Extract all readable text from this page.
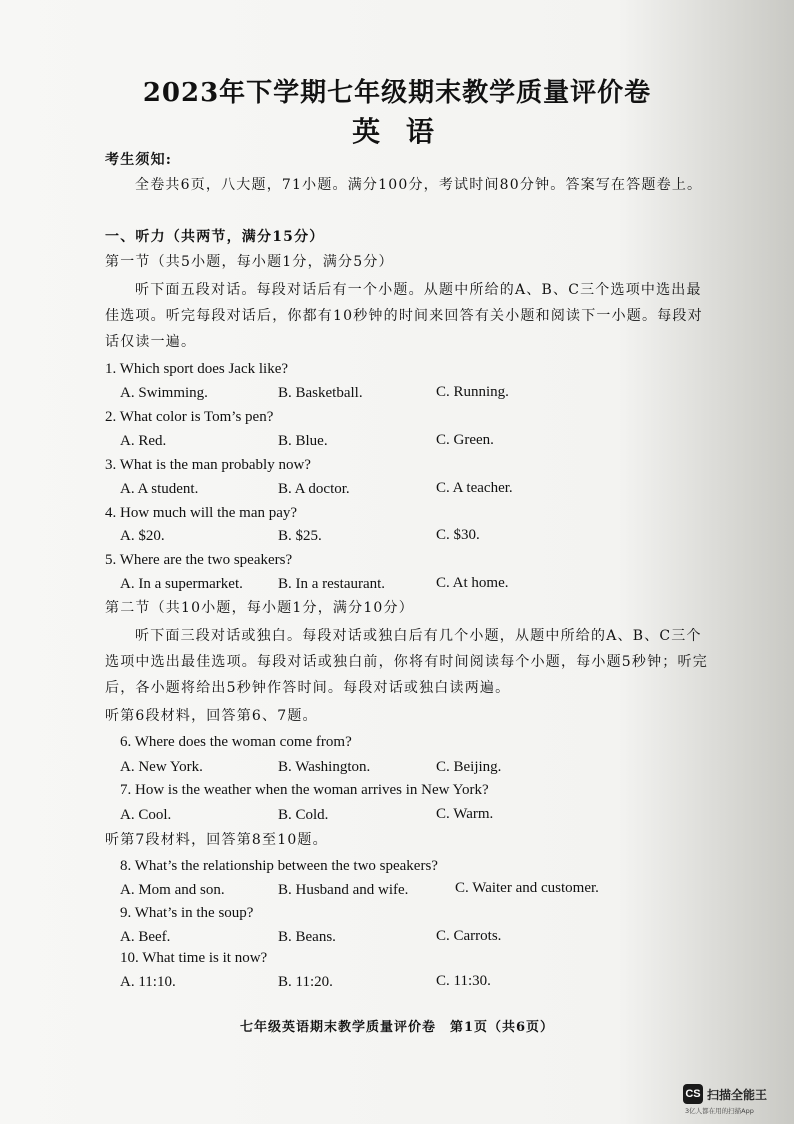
2023年下学期七年级期末教学质量评价卷
英 语
考生须知:
全卷共6页，八大题，71小题。满分100分，考试时间80分钟。答案写在答题卷上。
一、听力（共两节，满分15分）
第一节（共5小题，每小题1分，满分5分）
听下面五段对话。每段对话后有一个小题。从题中所给的A、B、C三个选项中选出最
佳选项。听完每段对话后，你都有10秒钟的时间来回答有关小题和阅读下一小题。每段对
话仅读一遍。
1. Which sport does Jack like?
A. Swimming.	B. Basketball.	C. Running.
2. What color is Tom’s pen?
A. Red.	B. Blue.	C. Green.
3. What is the man probably now?
A. A student.	B. A doctor.	C. A teacher.
4. How much will the man pay?
A. $20.	B. $25.	C. $30.
5. Where are the two speakers?
A. In a supermarket. B. In a restaurant.	C. At home.
第二节（共10小题，每小题1分，满分10分）
听下面三段对话或独白。每段对话或独白后有几个小题，从题中所给的A、B、C三个
选项中选出最佳选项。每段对话或独白前，你将有时间阅读每个小题，每小题5秒钟；听完
后，各小题将给出5秒钟作答时间。每段对话或独白读两遍。
听第6段材料，回答第6、7题。
6. Where does the woman come from?
A. New York.	B. Washington.	C. Beijing.
7. How is the weather when the woman arrives in New York?
A. Cool.	B. Cold.	C. Warm.
听第7段材料，回答第8至10题。
8. What’s the relationship between the two speakers?
A. Mom and son.	B. Husband and wife.	C. Waiter and customer.
9. What’s in the soup?
A. Beef.	B. Beans.	C. Carrots.
10. What time is it now?
A. 11:10.	B. 11:20.	C. 11:30.
七年级英语期末教学质量评价卷　第1页（共6页）
CS 扫描全能王
3亿人都在用的扫描App
